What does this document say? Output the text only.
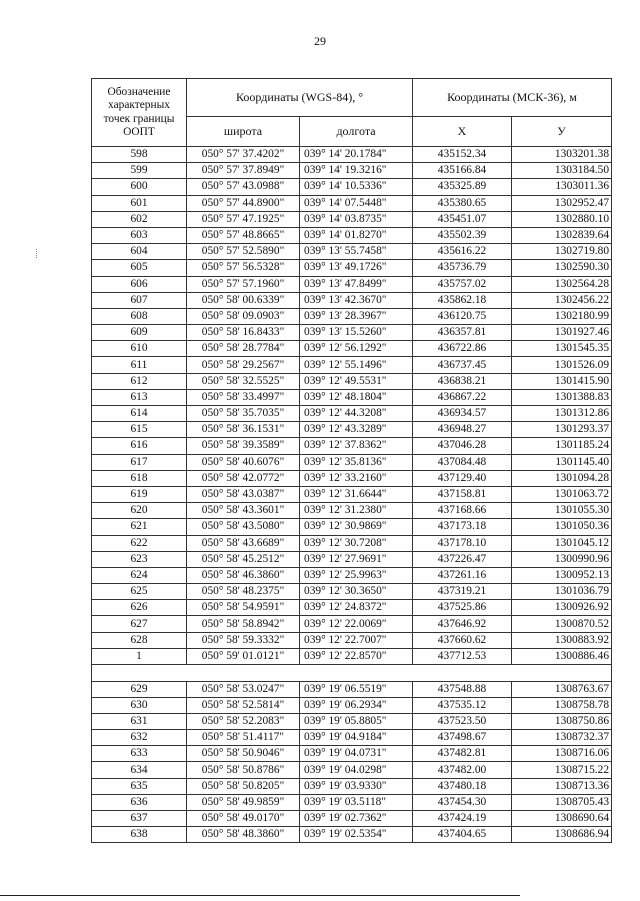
29
Обозначение характерных точек границы ООПТ	Координаты (WGS-84), °		Координаты (МСК-36), м	
	широта	долгота	X	У
598	050° 57' 37.4202"	039° 14' 20.1784"	435152.34	1303201.38
599	050° 57' 37.8949"	039° 14' 19.3216"	435166.84	1303184.50
600	050° 57' 43.0988"	039° 14' 10.5336"	435325.89	1303011.36
601	050° 57' 44.8900"	039° 14' 07.5448"	435380.65	1302952.47
602	050° 57' 47.1925"	039° 14' 03.8735"	435451.07	1302880.10
603	050° 57' 48.8665"	039° 14' 01.8270"	435502.39	1302839.64
604	050° 57' 52.5890"	039° 13' 55.7458"	435616.22	1302719.80
605	050° 57' 56.5328"	039° 13' 49.1726"	435736.79	1302590.30
606	050° 57' 57.1960"	039° 13' 47.8499"	435757.02	1302564.28
607	050° 58' 00.6339"	039° 13' 42.3670"	435862.18	1302456.22
608	050° 58' 09.0903"	039° 13' 28.3967"	436120.75	1302180.99
609	050° 58' 16.8433"	039° 13' 15.5260"	436357.81	1301927.46
610	050° 58' 28.7784"	039° 12' 56.1292"	436722.86	1301545.35
611	050° 58' 29.2567"	039° 12' 55.1496"	436737.45	1301526.09
612	050° 58' 32.5525"	039° 12' 49.5531"	436838.21	1301415.90
613	050° 58' 33.4997"	039° 12' 48.1804"	436867.22	1301388.83
614	050° 58' 35.7035"	039° 12' 44.3208"	436934.57	1301312.86
615	050° 58' 36.1531"	039° 12' 43.3289"	436948.27	1301293.37
616	050° 58' 39.3589"	039° 12' 37.8362"	437046.28	1301185.24
617	050° 58' 40.6076"	039° 12' 35.8136"	437084.48	1301145.40
618	050° 58' 42.0772"	039° 12' 33.2160"	437129.40	1301094.28
619	050° 58' 43.0387"	039° 12' 31.6644"	437158.81	1301063.72
620	050° 58' 43.3601"	039° 12' 31.2380"	437168.66	1301055.30
621	050° 58' 43.5080"	039° 12' 30.9869"	437173.18	1301050.36
622	050° 58' 43.6689"	039° 12' 30.7208"	437178.10	1301045.12
623	050° 58' 45.2512"	039° 12' 27.9691"	437226.47	1300990.96
624	050° 58' 46.3860"	039° 12' 25.9963"	437261.16	1300952.13
625	050° 58' 48.2375"	039° 12' 30.3650"	437319.21	1301036.79
626	050° 58' 54.9591"	039° 12' 24.8372"	437525.86	1300926.92
627	050° 58' 58.8942"	039° 12' 22.0069"	437646.92	1300870.52
628	050° 58' 59.3332"	039° 12' 22.7007"	437660.62	1300883.92
1	050° 59' 01.0121"	039° 12' 22.8570"	437712.53	1300886.46

629	050° 58' 53.0247"	039° 19' 06.5519"	437548.88	1308763.67
630	050° 58' 52.5814"	039° 19' 06.2934"	437535.12	1308758.78
631	050° 58' 52.2083"	039° 19' 05.8805"	437523.50	1308750.86
632	050° 58' 51.4117"	039° 19' 04.9184"	437498.67	1308732.37
633	050° 58' 50.9046"	039° 19' 04.0731"	437482.81	1308716.06
634	050° 58' 50.8786"	039° 19' 04.0298"	437482.00	1308715.22
635	050° 58' 50.8205"	039° 19' 03.9330"	437480.18	1308713.36
636	050° 58' 49.9859"	039° 19' 03.5118"	437454.30	1308705.43
637	050° 58' 49.0170"	039° 19' 02.7362"	437424.19	1308690.64
638	050° 58' 48.3860"	039° 19' 02.5354"	437404.65	1308686.94
